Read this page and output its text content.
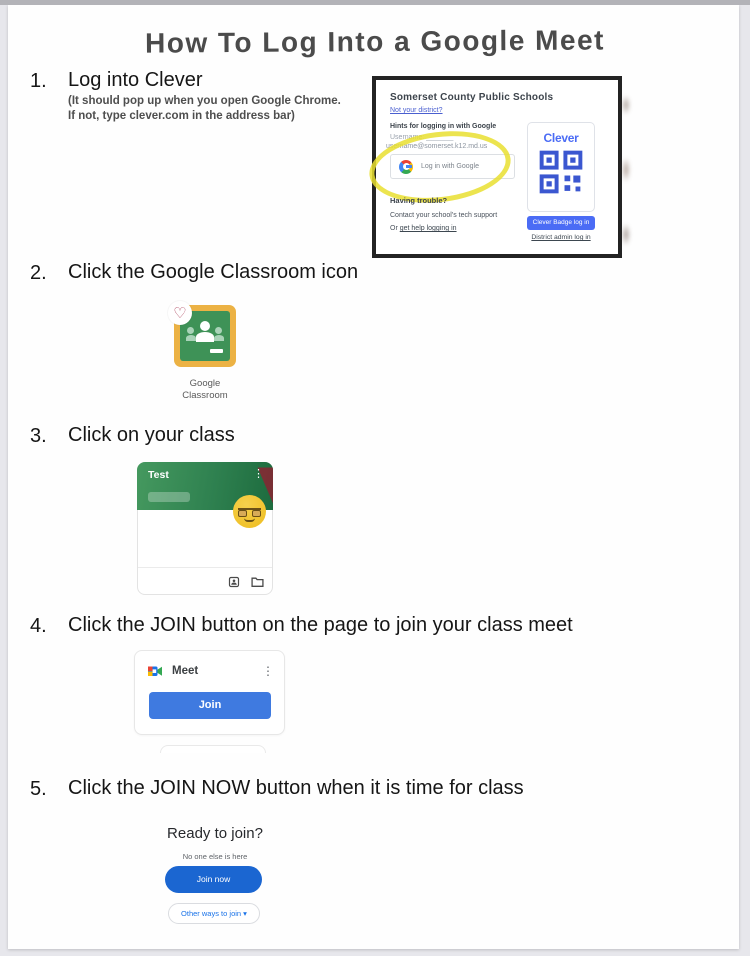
How To Log Into a Google Meet
1. Log into Clever
(It should pop up when you open Google Chrome.
If not, type clever.com in the address bar)
Somerset County Public Schools
Not your district?
Hints for logging in with Google
Username: _______
username@somerset.k12.md.us
Log in with Google
Having trouble?
Contact your school's tech support
Or get help logging in
Clever
Clever Badge log in
District admin log in
2. Click the Google Classroom icon
♡
Google
Classroom
3. Click on your class
Test	⋮
4. Click the JOIN button on the page to join your class meet
Meet	⋮
Join
5. Click the JOIN NOW button when it is time for class
Ready to join?
No one else is here
Join now
Other ways to join ▾
